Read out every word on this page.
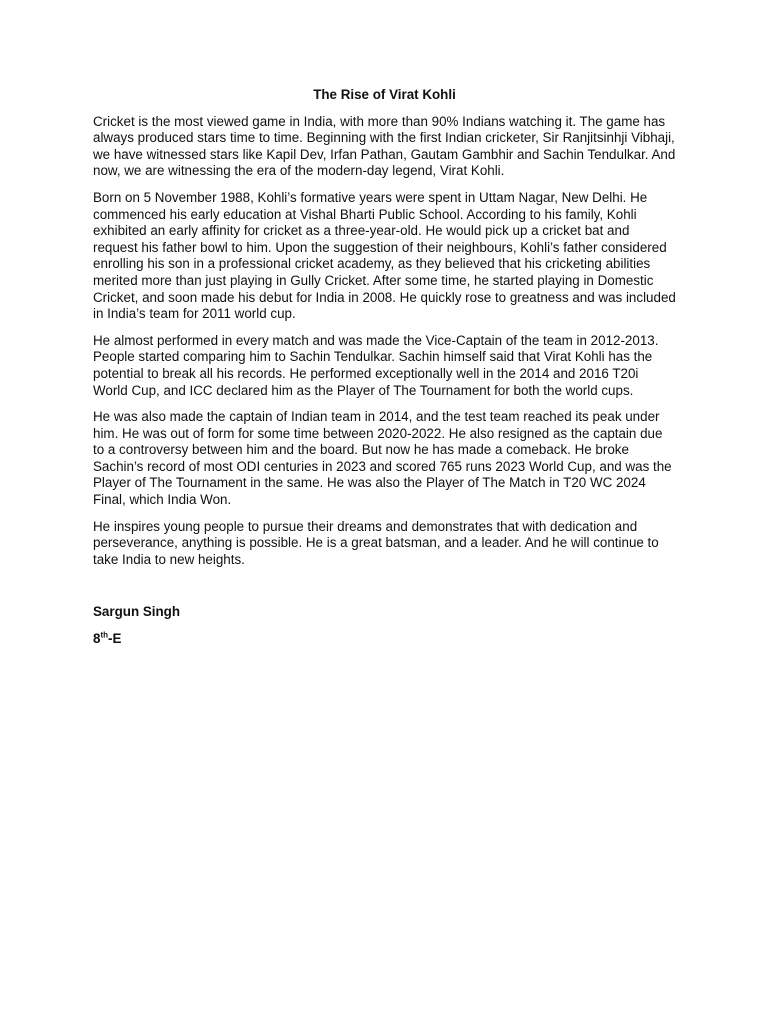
The Rise of Virat Kohli

Cricket is the most viewed game in India, with more than 90% Indians watching it. The game has always produced stars time to time. Beginning with the first Indian cricketer, Sir Ranjitsinhji Vibhaji, we have witnessed stars like Kapil Dev, Irfan Pathan, Gautam Gambhir and Sachin Tendulkar. And now, we are witnessing the era of the modern-day legend, Virat Kohli.

Born on 5 November 1988, Kohli’s formative years were spent in Uttam Nagar, New Delhi. He commenced his early education at Vishal Bharti Public School. According to his family, Kohli exhibited an early affinity for cricket as a three-year-old. He would pick up a cricket bat and request his father bowl to him. Upon the suggestion of their neighbours, Kohli’s father considered enrolling his son in a professional cricket academy, as they believed that his cricketing abilities merited more than just playing in Gully Cricket. After some time, he started playing in Domestic Cricket, and soon made his debut for India in 2008. He quickly rose to greatness and was included in India’s team for 2011 world cup.

He almost performed in every match and was made the Vice-Captain of the team in 2012-2013. People started comparing him to Sachin Tendulkar. Sachin himself said that Virat Kohli has the potential to break all his records. He performed exceptionally well in the 2014 and 2016 T20i World Cup, and ICC declared him as the Player of The Tournament for both the world cups.

He was also made the captain of Indian team in 2014, and the test team reached its peak under him. He was out of form for some time between 2020-2022. He also resigned as the captain due to a controversy between him and the board. But now he has made a comeback. He broke Sachin’s record of most ODI centuries in 2023 and scored 765 runs 2023 World Cup, and was the Player of The Tournament in the same. He was also the Player of The Match in T20 WC 2024 Final, which India Won.

He inspires young people to pursue their dreams and demonstrates that with dedication and perseverance, anything is possible. He is a great batsman, and a leader. And he will continue to take India to new heights.

Sargun Singh

8th-E
